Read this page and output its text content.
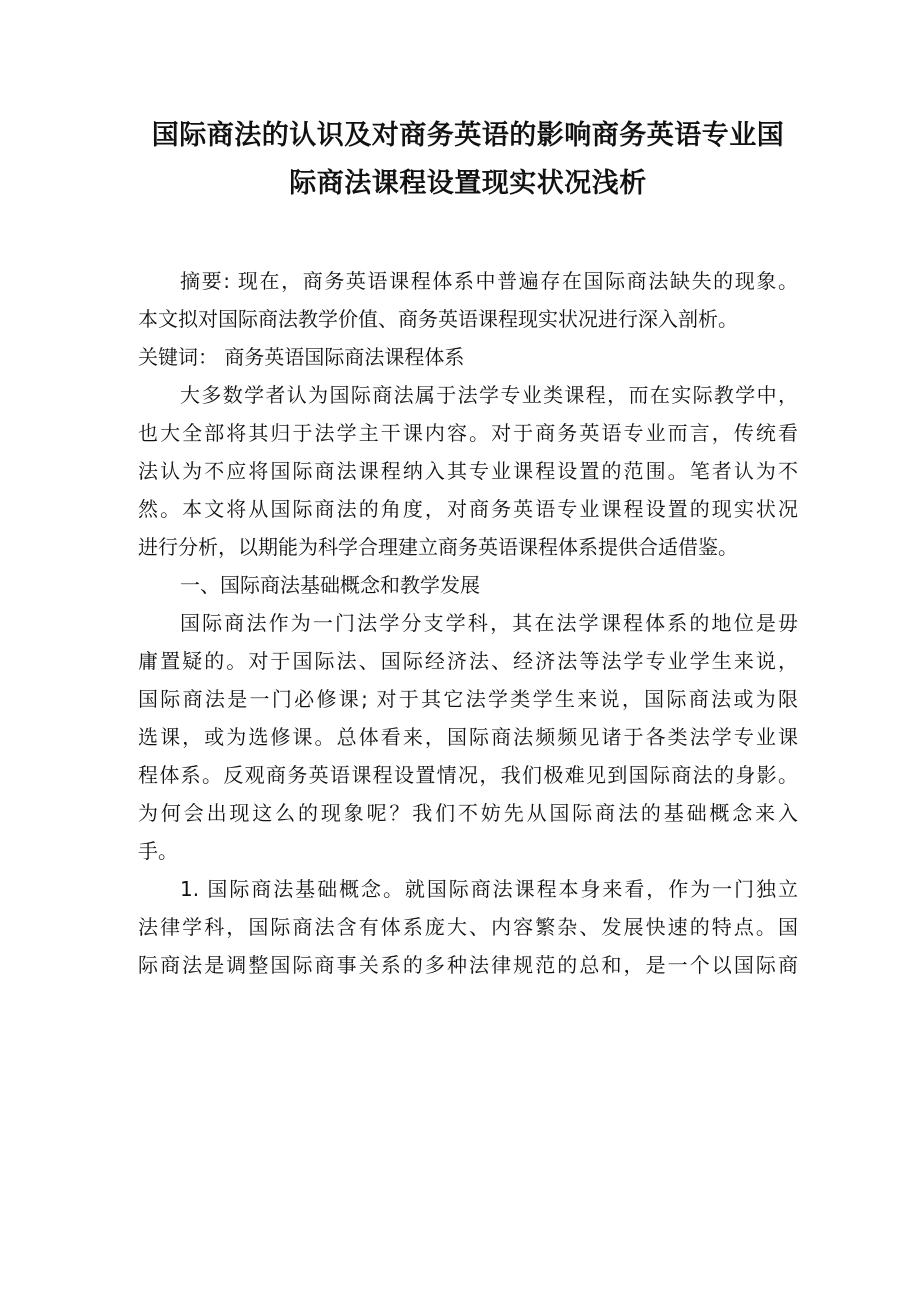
国际商法的认识及对商务英语的影响商务英语专业国
际商法课程设置现实状况浅析
摘要: 现在，商务英语课程体系中普遍存在国际商法缺失的现象。
本文拟对国际商法教学价值、商务英语课程现实状况进行深入剖析。
关键词： 商务英语国际商法课程体系
大多数学者认为国际商法属于法学专业类课程，而在实际教学中，
也大全部将其归于法学主干课内容。对于商务英语专业而言，传统看
法认为不应将国际商法课程纳入其专业课程设置的范围。笔者认为不
然。本文将从国际商法的角度，对商务英语专业课程设置的现实状况
进行分析，以期能为科学合理建立商务英语课程体系提供合适借鉴。
一、国际商法基础概念和教学发展
国际商法作为一门法学分支学科，其在法学课程体系的地位是毋
庸置疑的。对于国际法、国际经济法、经济法等法学专业学生来说，
国际商法是一门必修课; 对于其它法学类学生来说，国际商法或为限
选课，或为选修课。总体看来，国际商法频频见诸于各类法学专业课
程体系。反观商务英语课程设置情况，我们极难见到国际商法的身影。
为何会出现这么的现象呢？我们不妨先从国际商法的基础概念来入
手。
1. 国际商法基础概念。就国际商法课程本身来看，作为一门独立
法律学科，国际商法含有体系庞大、内容繁杂、发展快速的特点。国
际商法是调整国际商事关系的多种法律规范的总和，是一个以国际商
